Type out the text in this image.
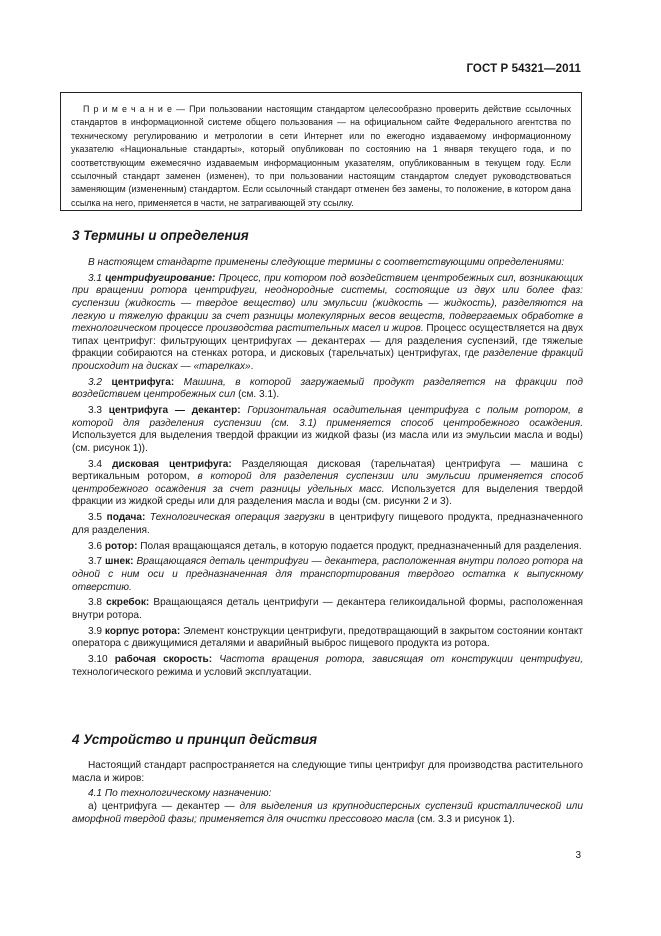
ГОСТ Р 54321—2011

П р и м е ч а н и е — При пользовании настоящим стандартом целесообразно проверить действие ссылочных стандартов в информационной системе общего пользования — на официальном сайте Федерального агентства по техническому регулированию и метрологии в сети Интернет или по ежегодно издаваемому информационному указателю «Национальные стандарты», который опубликован по состоянию на 1 января текущего года, и по соответствующим ежемесячно издаваемым информационным указателям, опубликованным в текущем году. Если ссылочный стандарт заменен (изменен), то при пользовании настоящим стандартом следует руководствоваться заменяющим (измененным) стандартом. Если ссылочный стандарт отменен без замены, то положение, в котором дана ссылка на него, применяется в части, не затрагивающей эту ссылку.

3 Термины и определения

В настоящем стандарте применены следующие термины с соответствующими определениями:

3.1 центрифугирование: Процесс, при котором под воздействием центробежных сил, возникающих при вращении ротора центрифуги, неоднородные системы, состоящие из двух или более фаз: суспензии (жидкость — твердое вещество) или эмульсии (жидкость — жидкость), разделяются на легкую и тяжелую фракции за счет разницы молекулярных весов веществ, подвергаемых обработке в технологическом процессе производства растительных масел и жиров. Процесс осуществляется на двух типах центрифуг: фильтрующих центрифугах — декантерах — для разделения суспензий, где тяжелые фракции собираются на стенках ротора, и дисковых (тарельчатых) центрифугах, где разделение фракций происходит на дисках — «тарелках».

3.2 центрифуга: Машина, в которой загружаемый продукт разделяется на фракции под воздействием центробежных сил (см. 3.1).

3.3 центрифуга — декантер: Горизонтальная осадительная центрифуга с полым ротором, в которой для разделения суспензии (см. 3.1) применяется способ центробежного осаждения. Используется для выделения твердой фракции из жидкой фазы (из масла или из эмульсии масла и воды) (см. рисунок 1)).

3.4 дисковая центрифуга: Разделяющая дисковая (тарельчатая) центрифуга — машина с вертикальным ротором, в которой для разделения суспензии или эмульсии применяется способ центробежного осаждения за счет разницы удельных масс. Используется для выделения твердой фракции из жидкой среды или для разделения масла и воды (см. рисунки 2 и 3).

3.5 подача: Технологическая операция загрузки в центрифугу пищевого продукта, предназначенного для разделения.

3.6 ротор: Полая вращающаяся деталь, в которую подается продукт, предназначенный для разделения.

3.7 шнек: Вращающаяся деталь центрифуги — декантера, расположенная внутри полого ротора на одной с ним оси и предназначенная для транспортирования твердого остатка к выпускному отверстию.

3.8 скребок: Вращающаяся деталь центрифуги — декантера геликоидальной формы, расположенная внутри ротора.

3.9 корпус ротора: Элемент конструкции центрифуги, предотвращающий в закрытом состоянии контакт оператора с движущимися деталями и аварийный выброс пищевого продукта из ротора.

3.10 рабочая скорость: Частота вращения ротора, зависящая от конструкции центрифуги, технологического режима и условий эксплуатации.

4 Устройство и принцип действия

Настоящий стандарт распространяется на следующие типы центрифуг для производства растительного масла и жиров:

4.1 По технологическому назначению:

а) центрифуга — декантер — для выделения из крупнодисперсных суспензий кристаллической или аморфной твердой фазы; применяется для очистки прессового масла (см. 3.3 и рисунок 1).

3
